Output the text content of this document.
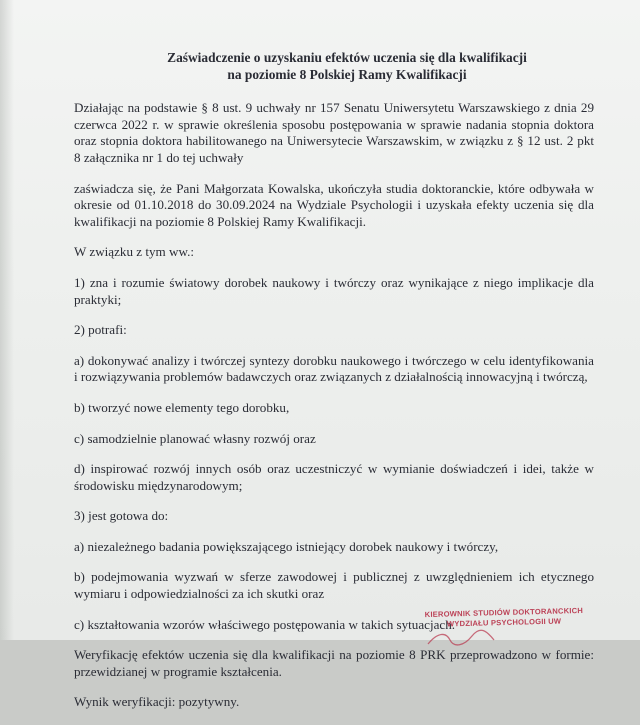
Zaświadczenie o uzyskaniu efektów uczenia się dla kwalifikacji
na poziomie 8 Polskiej Ramy Kwalifikacji

Działając na podstawie § 8 ust. 9 uchwały nr 157 Senatu Uniwersytetu Warszawskiego z dnia 29 czerwca 2022 r. w sprawie określenia sposobu postępowania w sprawie nadania stopnia doktora oraz stopnia doktora habilitowanego na Uniwersytecie Warszawskim, w związku z § 12 ust. 2 pkt 8 załącznika nr 1 do tej uchwały

zaświadcza się, że Pani Małgorzata Kowalska, ukończyła studia doktoranckie, które odbywała w okresie od 01.10.2018 do 30.09.2024 na Wydziale Psychologii i uzyskała efekty uczenia się dla kwalifikacji na poziomie 8 Polskiej Ramy Kwalifikacji.

W związku z tym ww.:

1) zna i rozumie światowy dorobek naukowy i twórczy oraz wynikające z niego implikacje dla praktyki;

2) potrafi:

a) dokonywać analizy i twórczej syntezy dorobku naukowego i twórczego w celu identyfikowania i rozwiązywania problemów badawczych oraz związanych z działalnością innowacyjną i twórczą,

b) tworzyć nowe elementy tego dorobku,

c) samodzielnie planować własny rozwój oraz

d) inspirować rozwój innych osób oraz uczestniczyć w wymianie doświadczeń i idei, także w środowisku międzynarodowym;

3) jest gotowa do:

a) niezależnego badania powiększającego istniejący dorobek naukowy i twórczy,

b) podejmowania wyzwań w sferze zawodowej i publicznej z uwzględnieniem ich etycznego wymiaru i odpowiedzialności za ich skutki oraz

c) kształtowania wzorów właściwego postępowania w takich sytuacjach.

Weryfikację efektów uczenia się dla kwalifikacji na poziomie 8 PRK przeprowadzono w formie: przewidzianej w programie kształcenia.

Wynik weryfikacji: pozytywny.

KIEROWNIK STUDIÓW DOKTORANCKICH
WYDZIAŁU PSYCHOLOGII UW
